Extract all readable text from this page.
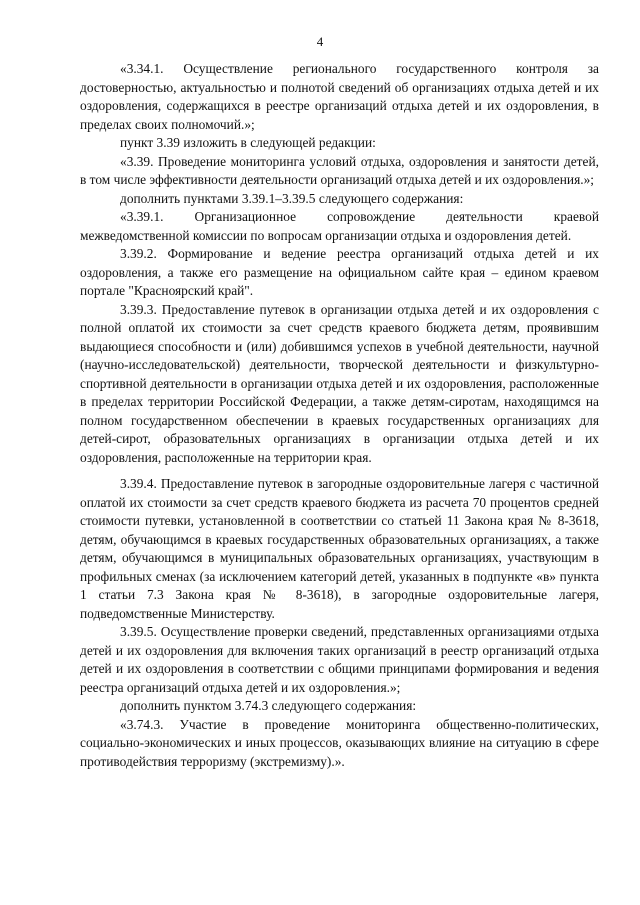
4

«3.34.1. Осуществление регионального государственного контроля за достоверностью, актуальностью и полнотой сведений об организациях отдыха детей и их оздоровления, содержащихся в реестре организаций отдыха детей и их оздоровления, в пределах своих полномочий.»;

пункт 3.39 изложить в следующей редакции:

«3.39. Проведение мониторинга условий отдыха, оздоровления и занятости детей, в том числе эффективности деятельности организаций отдыха детей и их оздоровления.»;

дополнить пунктами 3.39.1–3.39.5 следующего содержания:

«3.39.1. Организационное сопровождение деятельности краевой межведомственной комиссии по вопросам организации отдыха и оздоровления детей.

3.39.2. Формирование и ведение реестра организаций отдыха детей и их оздоровления, а также его размещение на официальном сайте края – едином краевом портале "Красноярский край".

3.39.3. Предоставление путевок в организации отдыха детей и их оздоровления с полной оплатой их стоимости за счет средств краевого бюджета детям, проявившим выдающиеся способности и (или) добившимся успехов в учебной деятельности, научной (научно-исследовательской) деятельности, творческой деятельности и физкультурно-спортивной деятельности в организации отдыха детей и их оздоровления, расположенные в пределах территории Российской Федерации, а также детям-сиротам, находящимся на полном государственном обеспечении в краевых государственных организациях для детей-сирот, образовательных организациях в организации отдыха детей и их оздоровления, расположенные на территории края.

3.39.4. Предоставление путевок в загородные оздоровительные лагеря с частичной оплатой их стоимости за счет средств краевого бюджета из расчета 70 процентов средней стоимости путевки, установленной в соответствии со статьей 11 Закона края № 8-3618, детям, обучающимся в краевых государственных образовательных организациях, а также детям, обучающимся в муниципальных образовательных организациях, участвующим в профильных сменах (за исключением категорий детей, указанных в подпункте «в» пункта 1 статьи 7.3 Закона края № 8-3618), в загородные оздоровительные лагеря, подведомственные Министерству.

3.39.5. Осуществление проверки сведений, представленных организациями отдыха детей и их оздоровления для включения таких организаций в реестр организаций отдыха детей и их оздоровления в соответствии с общими принципами формирования и ведения реестра организаций отдыха детей и их оздоровления.»;

дополнить пунктом 3.74.3 следующего содержания:

«3.74.3. Участие в проведение мониторинга общественно-политических, социально-экономических и иных процессов, оказывающих влияние на ситуацию в сфере противодействия терроризму (экстремизму).».
